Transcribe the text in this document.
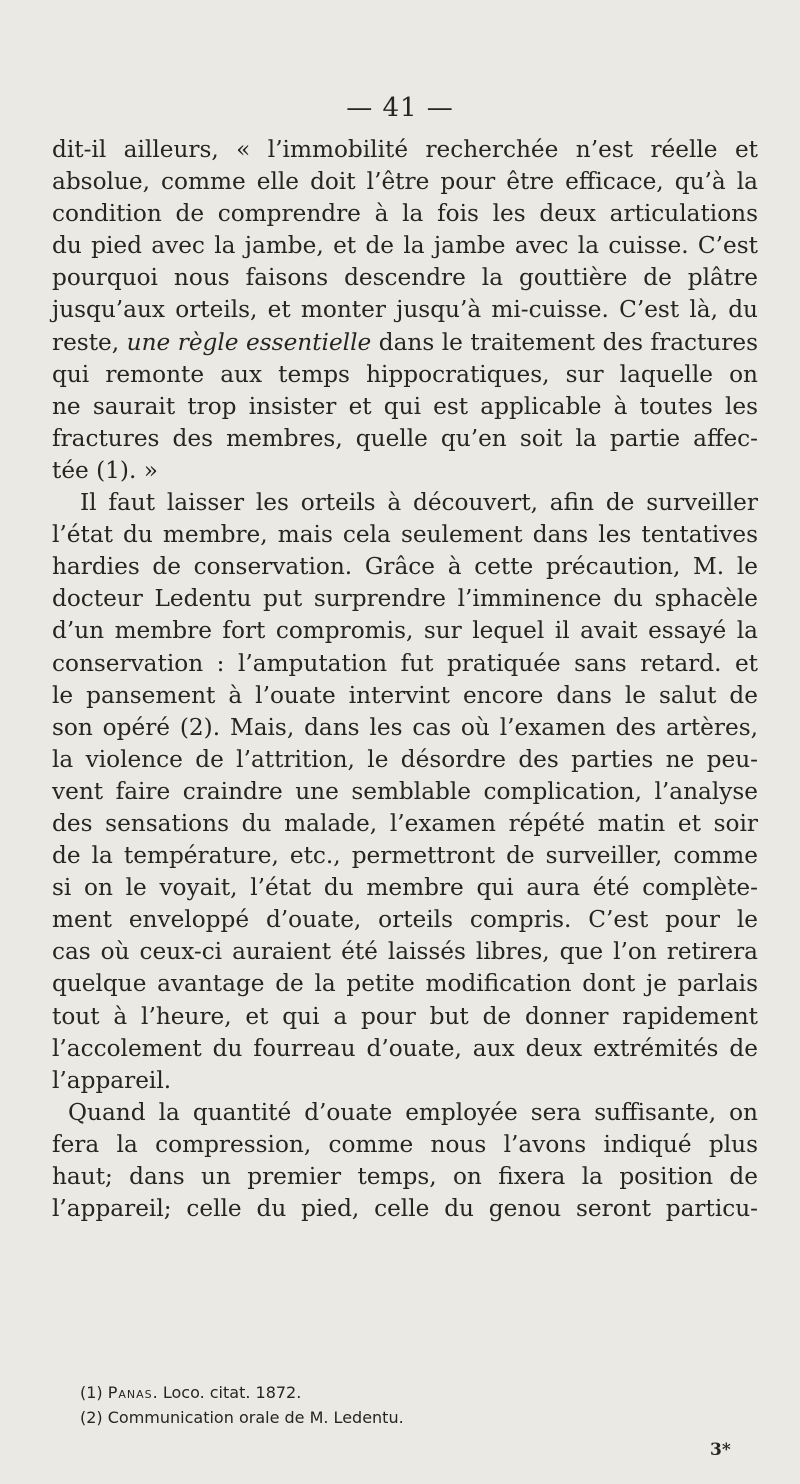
— 41 —
dit-il ailleurs, « l’immobilité recherchée n’est réelle et
absolue, comme elle doit l’être pour être efficace, qu’à la
condition de comprendre à la fois les deux articulations
du pied avec la jambe, et de la jambe avec la cuisse. C’est
pourquoi nous faisons descendre la gouttière de plâtre
jusqu’aux orteils, et monter jusqu’à mi-cuisse. C’est là, du
reste, une règle essentielle dans le traitement des fractures
qui remonte aux temps hippocratiques, sur laquelle on
ne saurait trop insister et qui est applicable à toutes les
fractures des membres, quelle qu’en soit la partie affec-
tée (1). »
Il faut laisser les orteils à découvert, afin de surveiller
l’état du membre, mais cela seulement dans les tentatives
hardies de conservation. Grâce à cette précaution, M. le
docteur Ledentu put surprendre l’imminence du sphacèle
d’un membre fort compromis, sur lequel il avait essayé la
conservation : l’amputation fut pratiquée sans retard. et
le pansement à l’ouate intervint encore dans le salut de
son opéré (2). Mais, dans les cas où l’examen des artères,
la violence de l’attrition, le désordre des parties ne peu-
vent faire craindre une semblable complication, l’analyse
des sensations du malade, l’examen répété matin et soir
de la température, etc., permettront de surveiller, comme
si on le voyait, l’état du membre qui aura été complète-
ment enveloppé d’ouate, orteils compris. C’est pour le
cas où ceux-ci auraient été laissés libres, que l’on retirera
quelque avantage de la petite modification dont je parlais
tout à l’heure, et qui a pour but de donner rapidement
l’accolement du fourreau d’ouate, aux deux extrémités de
l’appareil.
Quand la quantité d’ouate employée sera suffisante, on
fera la compression, comme nous l’avons indiqué plus
haut; dans un premier temps, on fixera la position de
l’appareil; celle du pied, celle du genou seront particu-
(1) Panas. Loco. citat. 1872.
(2) Communication orale de M. Ledentu.
3*
